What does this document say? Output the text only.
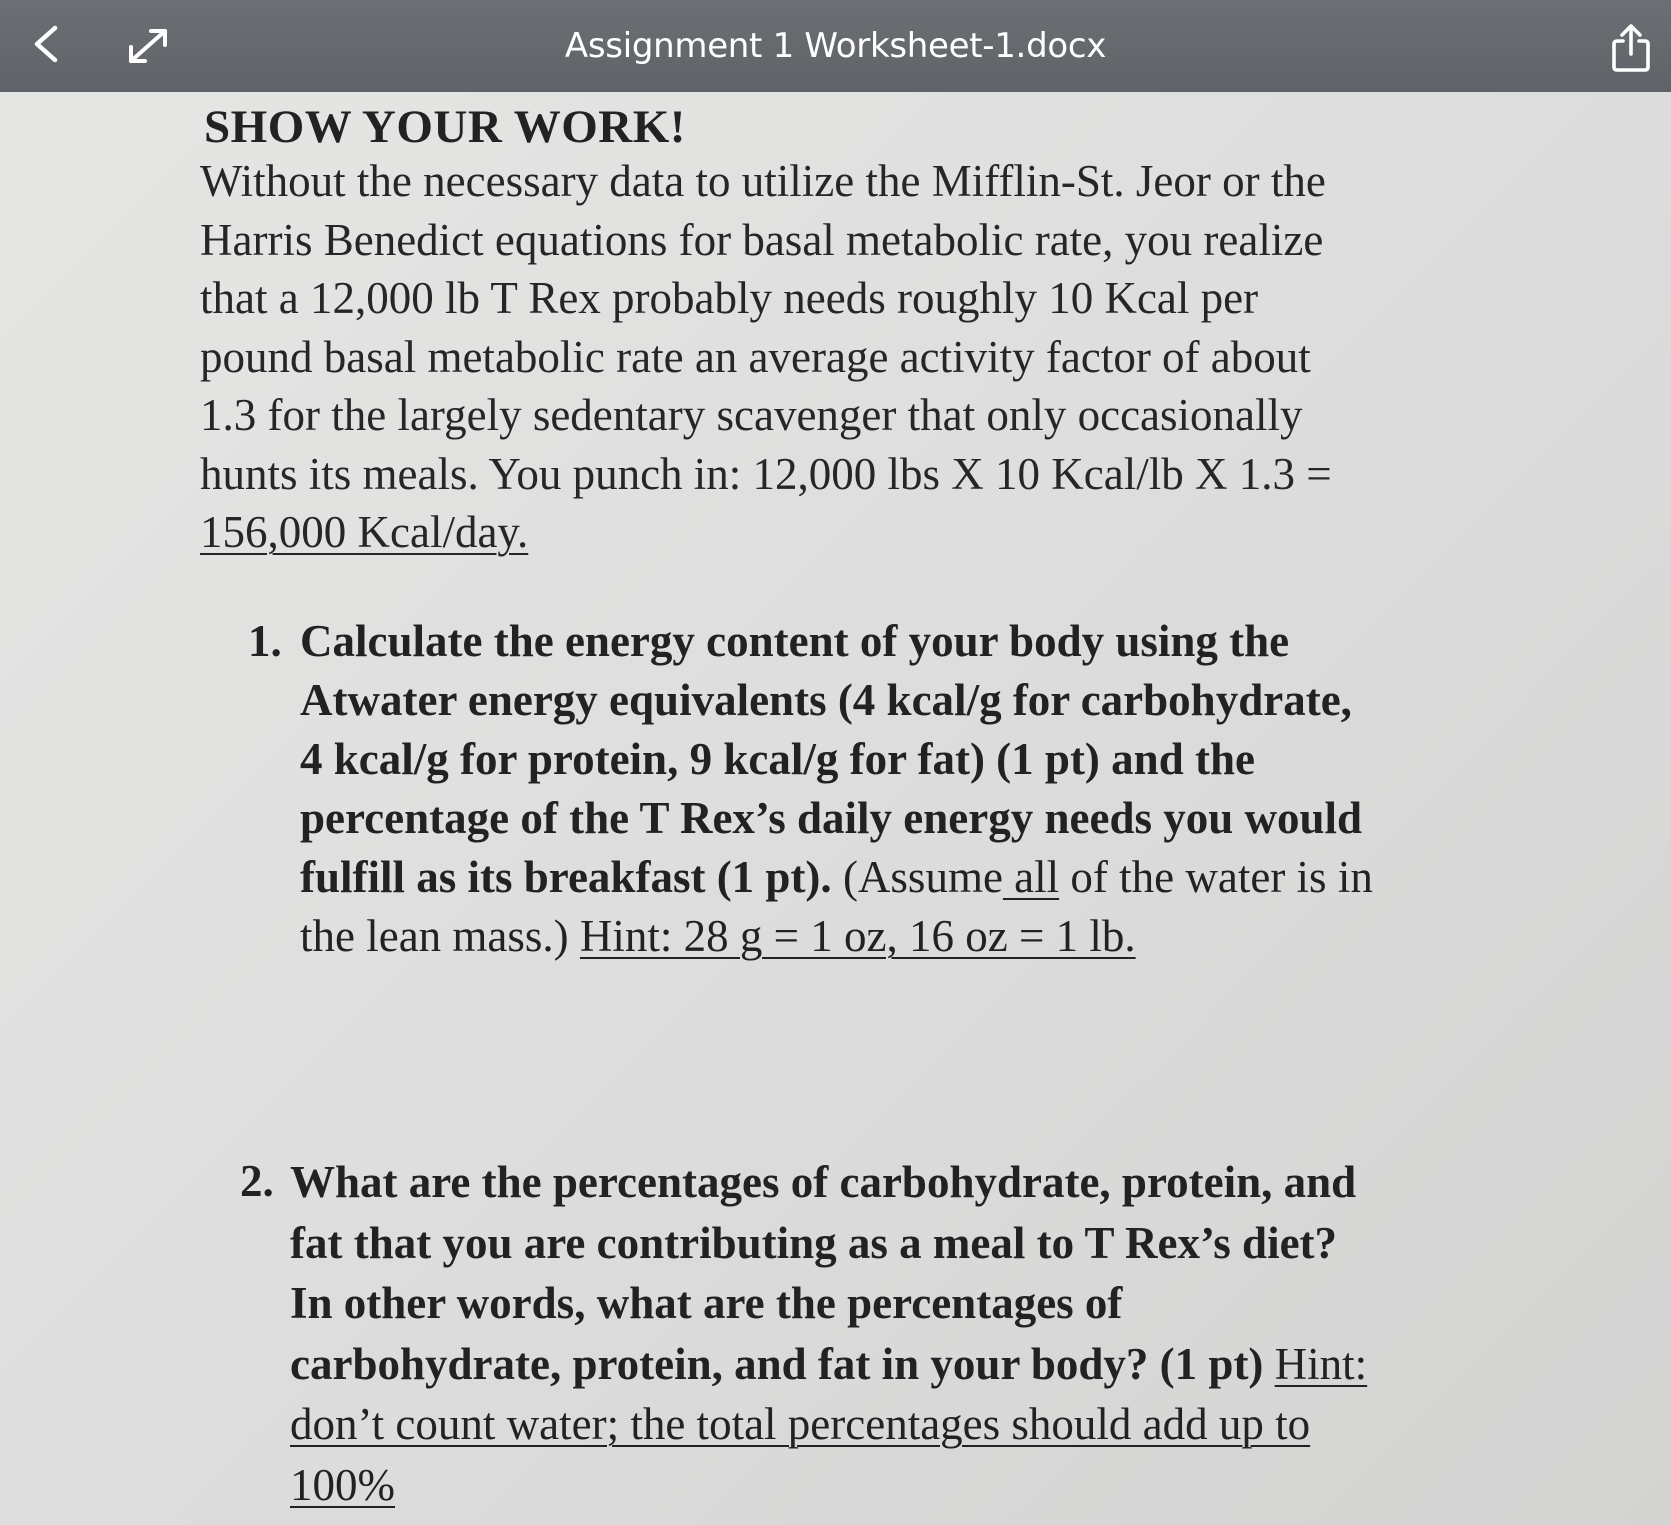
Assignment 1 Worksheet-1.docx
SHOW YOUR WORK!
Without the necessary data to utilize the Mifflin-St. Jeor or the
Harris Benedict equations for basal metabolic rate, you realize
that a 12,000 lb T Rex probably needs roughly 10 Kcal per
pound basal metabolic rate an average activity factor of about
1.3 for the largely sedentary scavenger that only occasionally
hunts its meals. You punch in: 12,000 lbs X 10 Kcal/lb X 1.3 =
156,000 Kcal/day.
1. Calculate the energy content of your body using the
Atwater energy equivalents (4 kcal/g for carbohydrate,
4 kcal/g for protein, 9 kcal/g for fat) (1 pt) and the
percentage of the T Rex’s daily energy needs you would
fulfill as its breakfast (1 pt). (Assume all of the water is in
the lean mass.) Hint: 28 g = 1 oz, 16 oz = 1 lb.
2. What are the percentages of carbohydrate, protein, and
fat that you are contributing as a meal to T Rex’s diet?
In other words, what are the percentages of
carbohydrate, protein, and fat in your body? (1 pt) Hint:
don’t count water; the total percentages should add up to
100%
